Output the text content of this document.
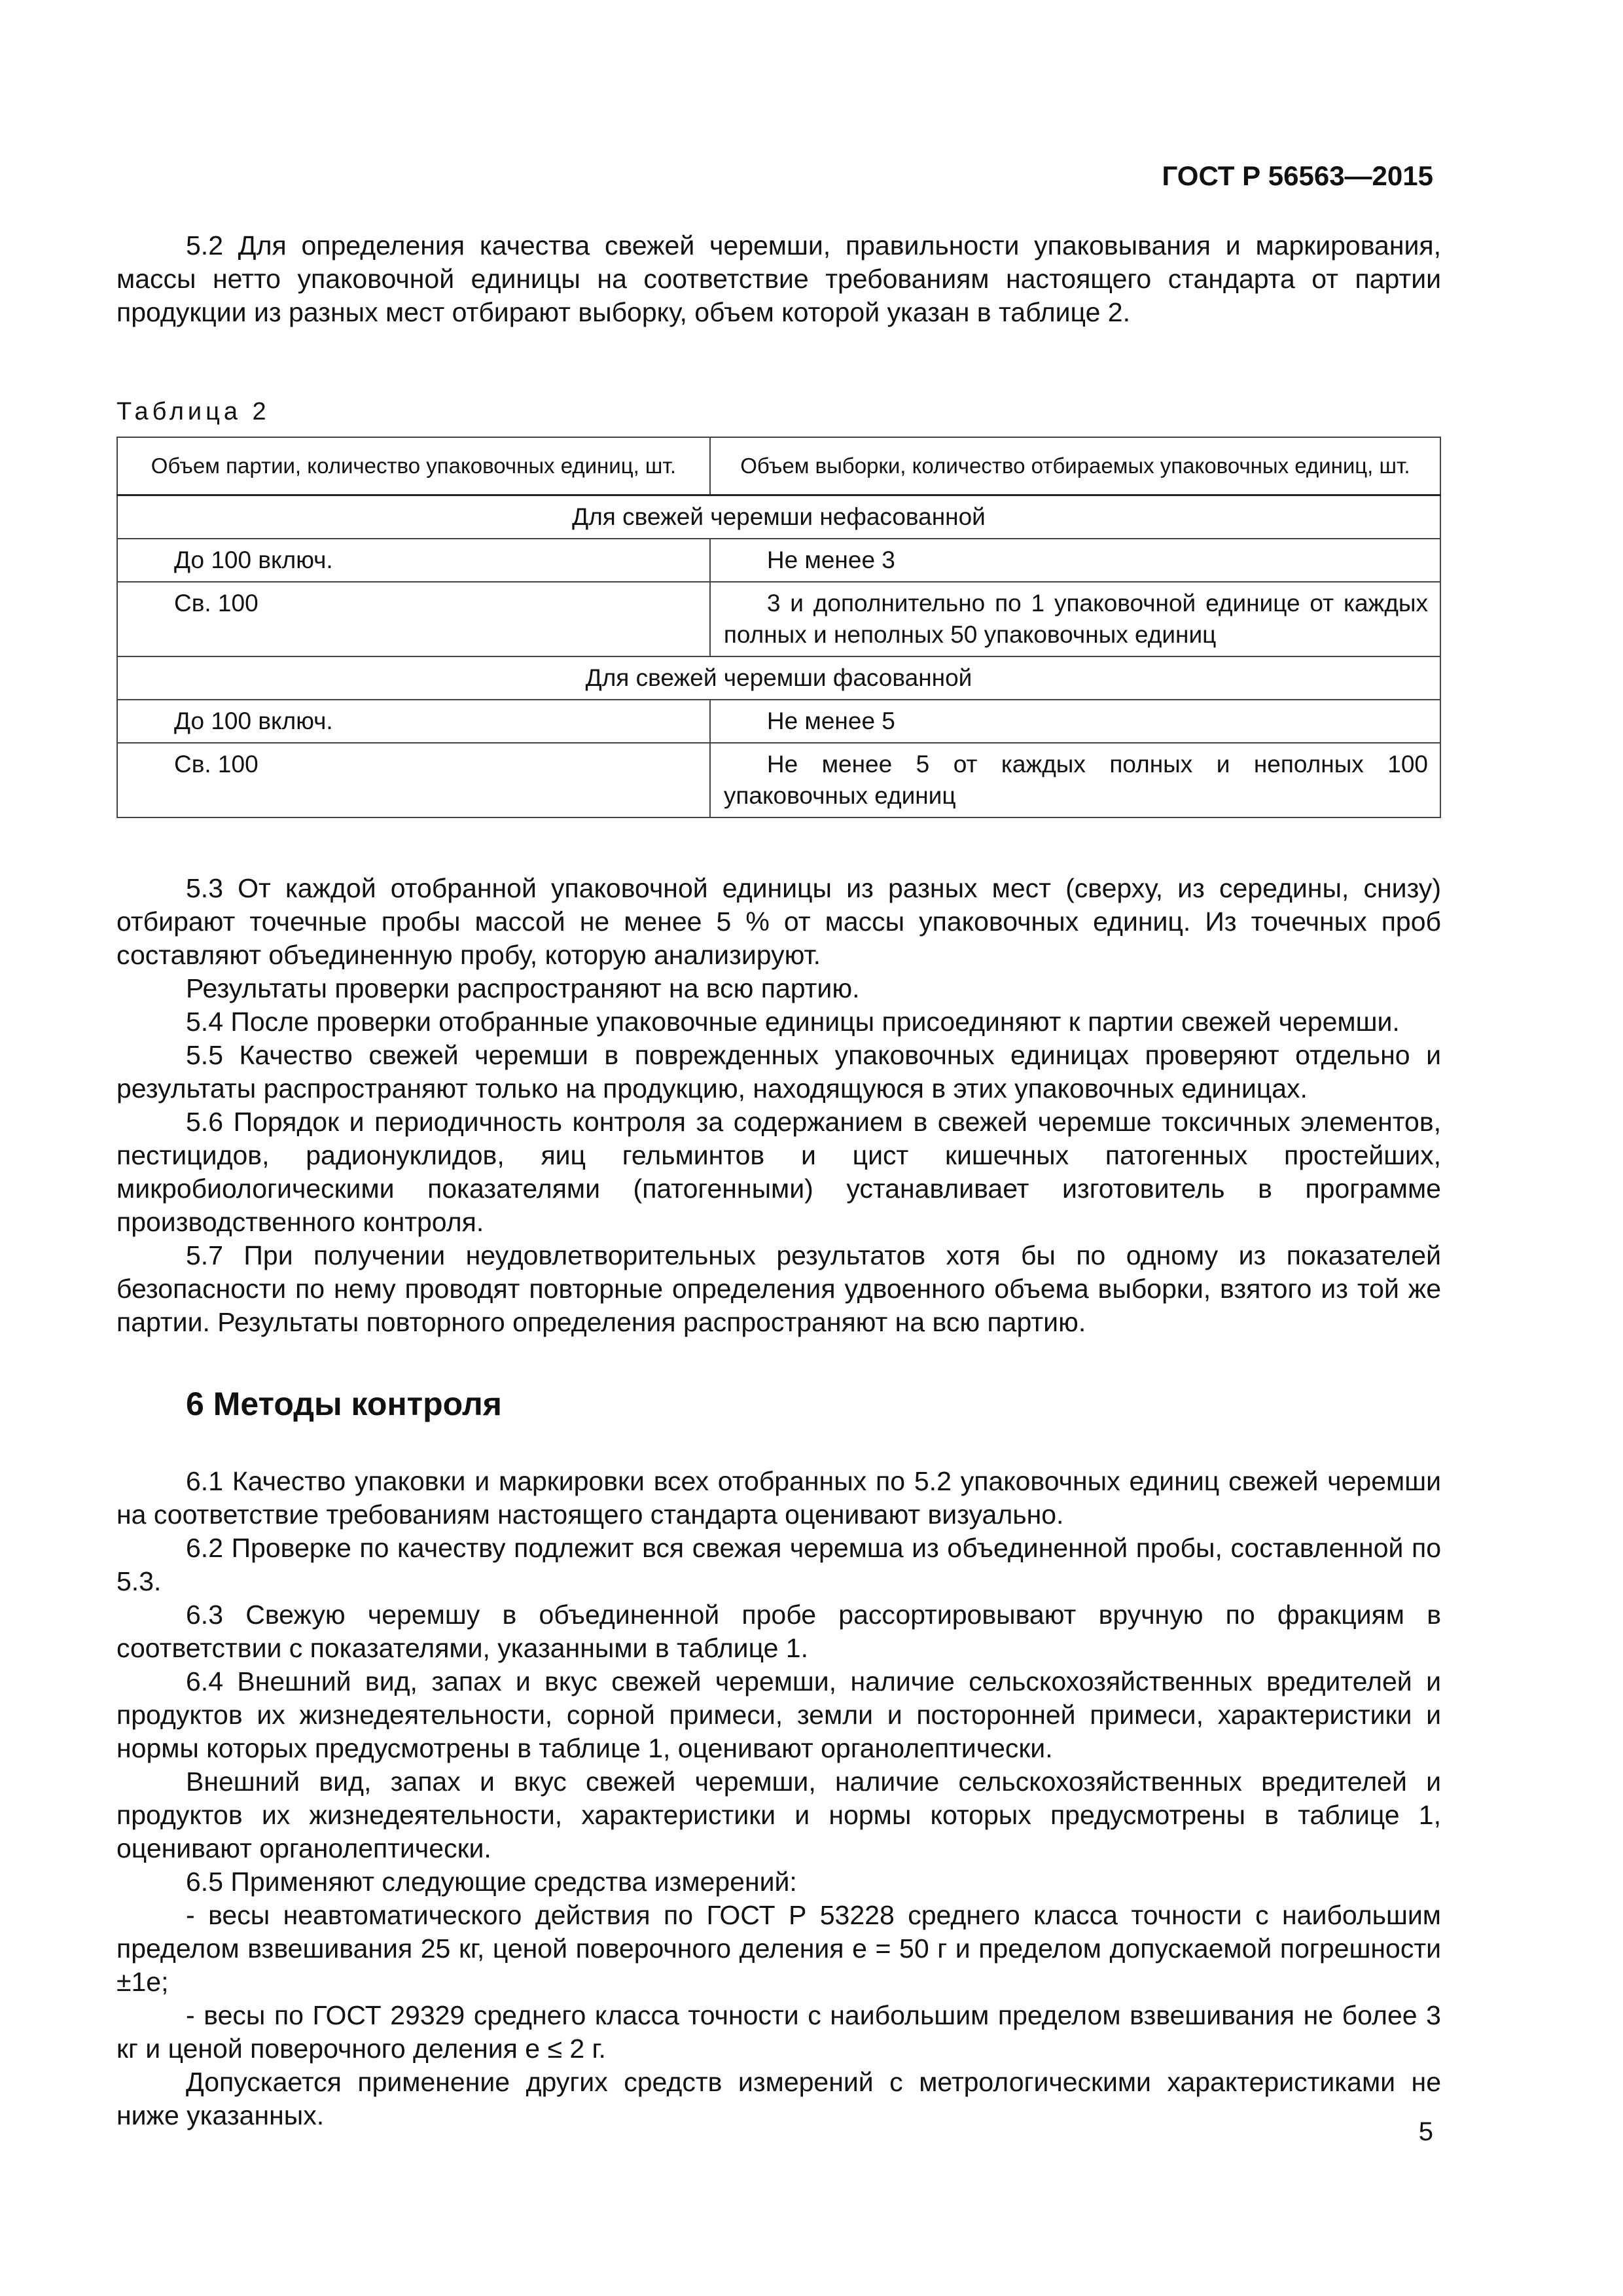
ГОСТ Р 56563—2015

5.2 Для определения качества свежей черемши, правильности упаковывания и маркирования, массы нетто упаковочной единицы на соответствие требованиям настоящего стандарта от партии продукции из разных мест отбирают выборку, объем которой указан в таблице 2.

Таблица 2
Объем партии, количество упаковочных единиц, шт.	Объем выборки, количество отбираемых упаковочных единиц, шт.
Для свежей черемши нефасованной	
До 100 включ.	Не менее 3
Св. 100	3 и дополнительно по 1 упаковочной единице от каждых полных и неполных 50 упаковочных единиц
Для свежей черемши фасованной	
До 100 включ.	Не менее 5
Св. 100	Не менее 5 от каждых полных и неполных 100 упаковочных единиц

5.3 От каждой отобранной упаковочной единицы из разных мест (сверху, из середины, снизу) отбирают точечные пробы массой не менее 5 % от массы упаковочных единиц. Из точечных проб составляют объединенную пробу, которую анализируют.

Результаты проверки распространяют на всю партию.

5.4 После проверки отобранные упаковочные единицы присоединяют к партии свежей черемши.

5.5 Качество свежей черемши в поврежденных упаковочных единицах проверяют отдельно и результаты распространяют только на продукцию, находящуюся в этих упаковочных единицах.

5.6 Порядок и периодичность контроля за содержанием в свежей черемше токсичных элементов, пестицидов, радионуклидов, яиц гельминтов и цист кишечных патогенных простейших, микробиологическими показателями (патогенными) устанавливает изготовитель в программе производственного контроля.

5.7 При получении неудовлетворительных результатов хотя бы по одному из показателей безопасности по нему проводят повторные определения удвоенного объема выборки, взятого из той же партии. Результаты повторного определения распространяют на всю партию.

6 Методы контроля

6.1 Качество упаковки и маркировки всех отобранных по 5.2 упаковочных единиц свежей черемши на соответствие требованиям настоящего стандарта оценивают визуально.

6.2 Проверке по качеству подлежит вся свежая черемша из объединенной пробы, составленной по 5.3.

6.3 Свежую черемшу в объединенной пробе рассортировывают вручную по фракциям в соответствии с показателями, указанными в таблице 1.

6.4 Внешний вид, запах и вкус свежей черемши, наличие сельскохозяйственных вредителей и продуктов их жизнедеятельности, сорной примеси, земли и посторонней примеси, характеристики и нормы которых предусмотрены в таблице 1, оценивают органолептически.

Внешний вид, запах и вкус свежей черемши, наличие сельскохозяйственных вредителей и продуктов их жизнедеятельности, характеристики и нормы которых предусмотрены в таблице 1, оценивают органолептически.

6.5 Применяют следующие средства измерений:

- весы неавтоматического действия по ГОСТ Р 53228 среднего класса точности с наибольшим пределом взвешивания 25 кг, ценой поверочного деления e = 50 г и пределом допускаемой погрешности ±1e;

- весы по ГОСТ 29329 среднего класса точности с наибольшим пределом взвешивания не более 3 кг и ценой поверочного деления e ≤ 2 г.

Допускается применение других средств измерений с метрологическими характеристиками не ниже указанных.

5
